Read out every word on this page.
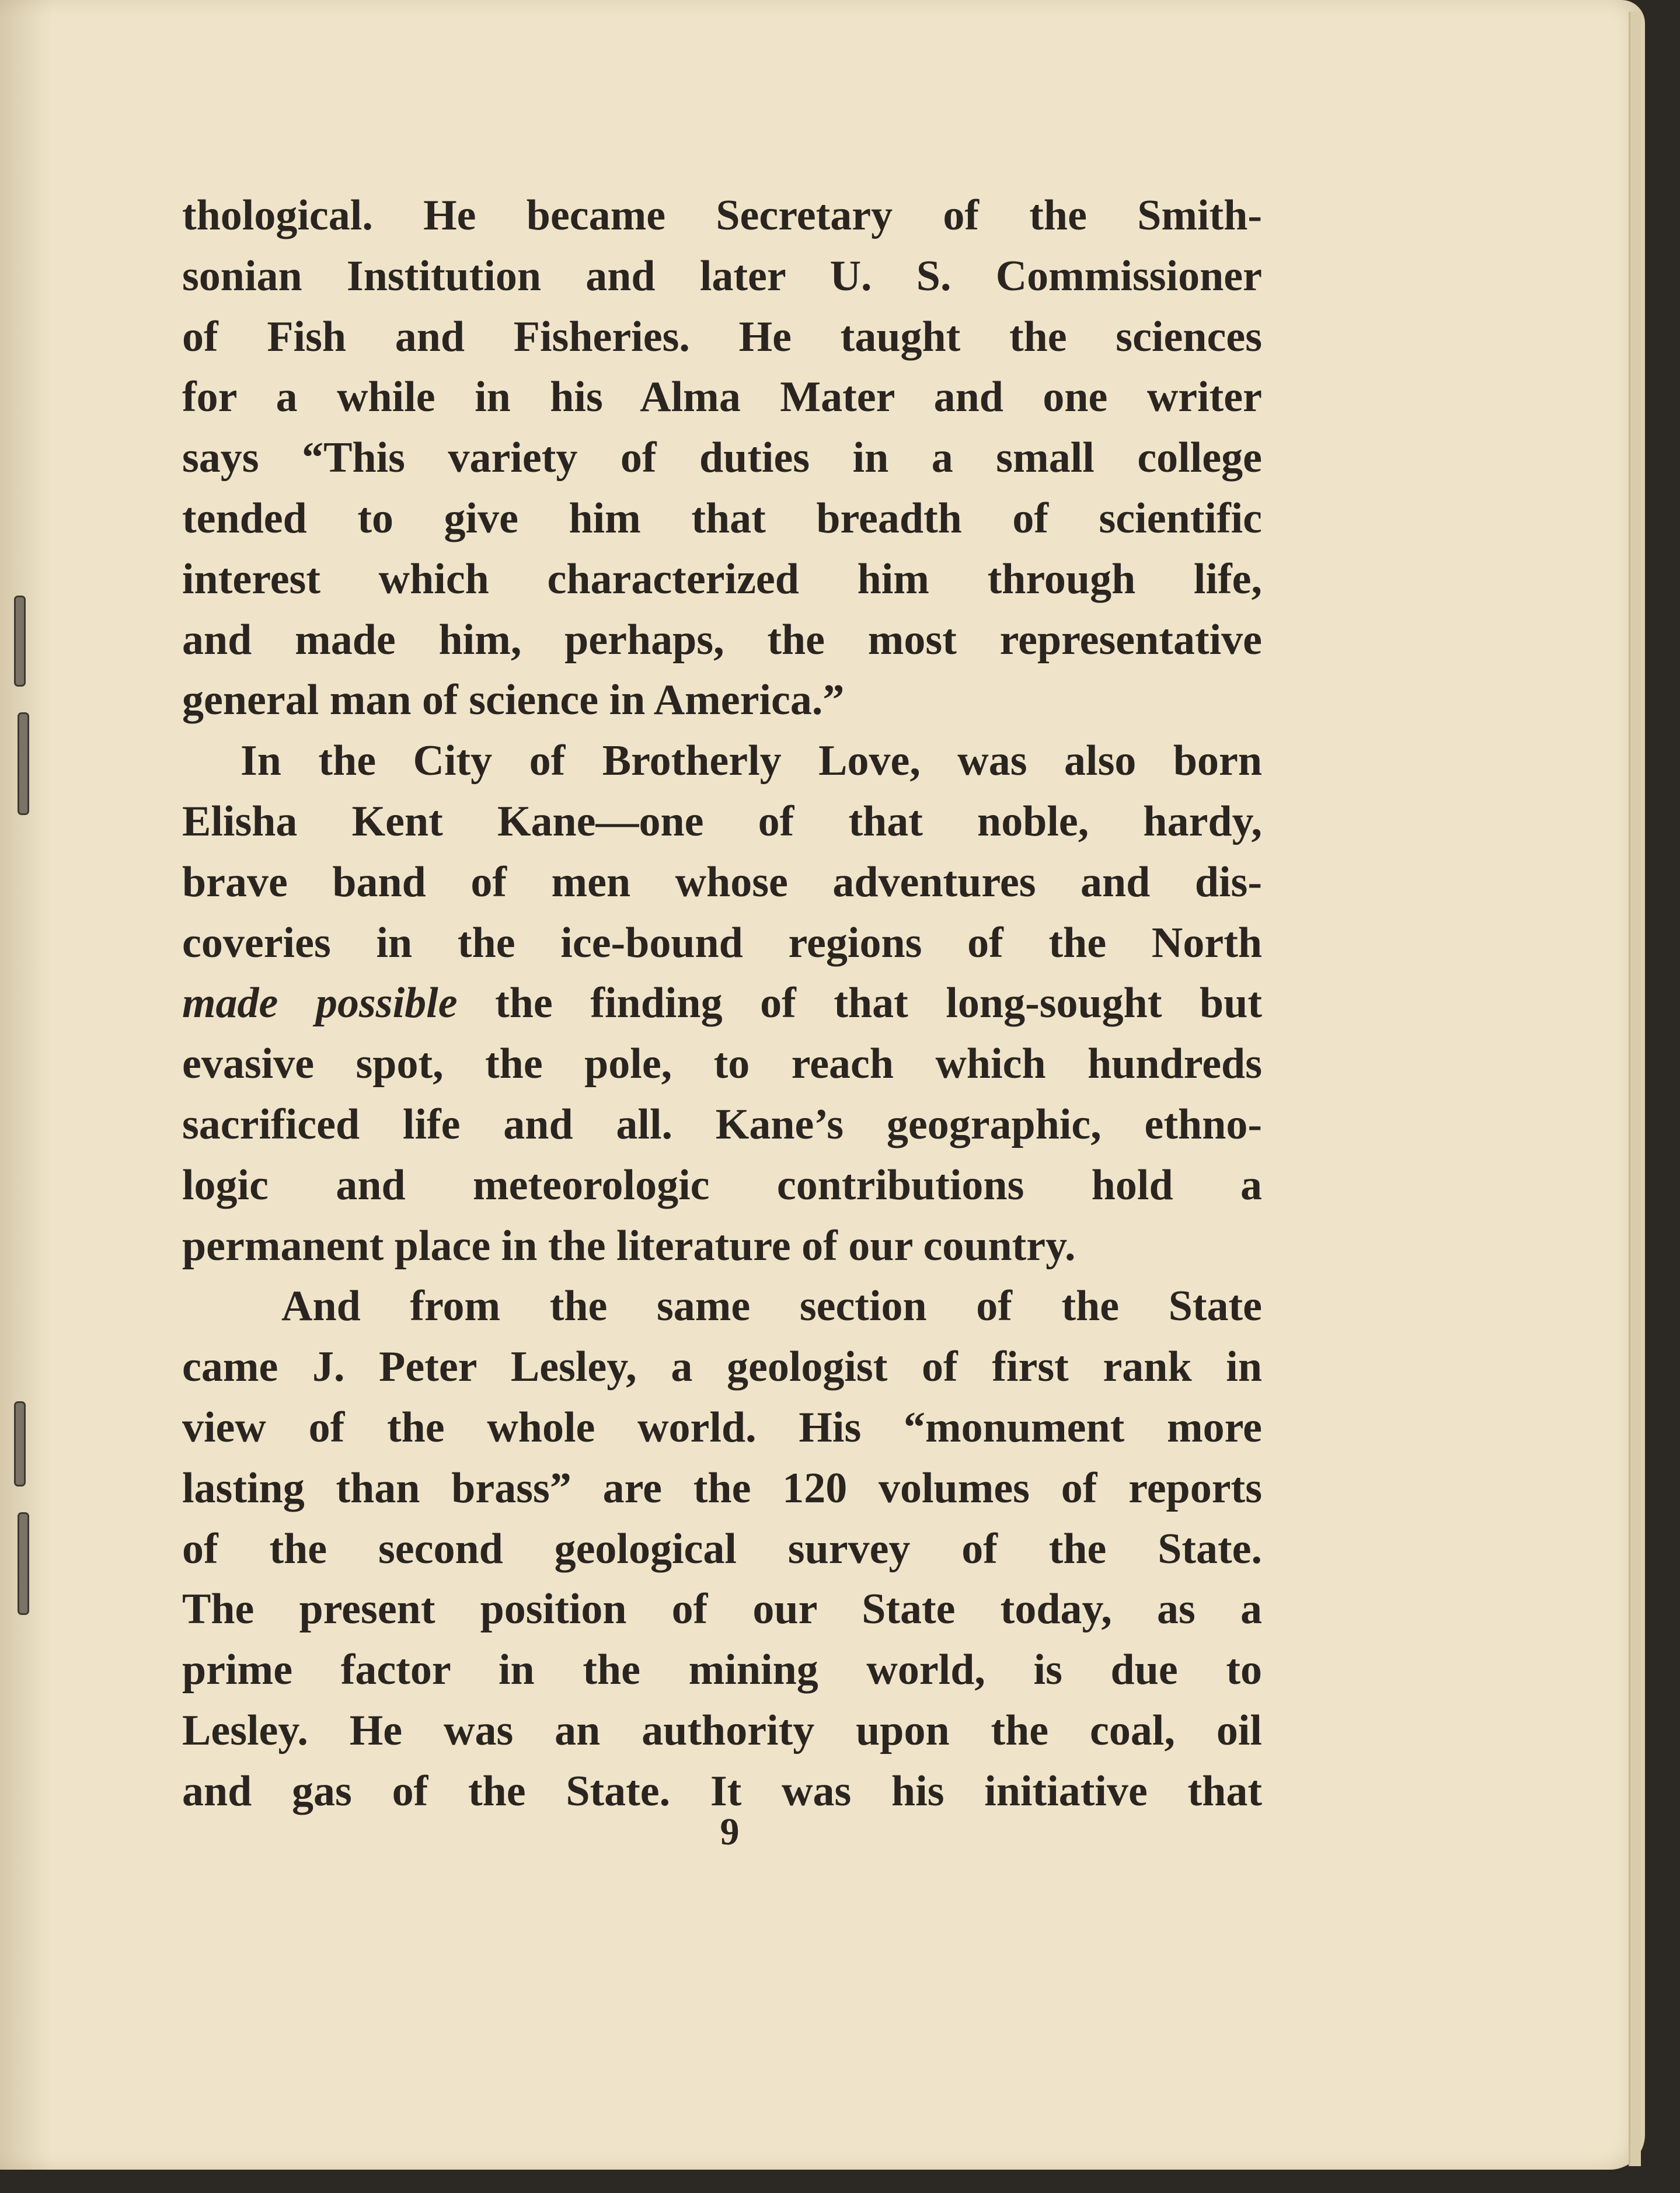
thological. He became Secretary of the Smith-
sonian Institution and later U. S. Commissioner
of Fish and Fisheries. He taught the sciences
for a while in his Alma Mater and one writer
says “This variety of duties in a small college
tended to give him that breadth of scientific
interest which characterized him through life,
and made him, perhaps, the most representative
general man of science in America.”
In the City of Brotherly Love, was also born
Elisha Kent Kane—one of that noble, hardy,
brave band of men whose adventures and dis-
coveries in the ice-bound regions of the North
made possible the finding of that long-sought but
evasive spot, the pole, to reach which hundreds
sacrificed life and all. Kane’s geographic, ethno-
logic and meteorologic contributions hold a
permanent place in the literature of our country.
And from the same section of the State
came J. Peter Lesley, a geologist of first rank in
view of the whole world. His “monument more
lasting than brass” are the 120 volumes of reports
of the second geological survey of the State.
The present position of our State today, as a
prime factor in the mining world, is due to
Lesley. He was an authority upon the coal, oil
and gas of the State. It was his initiative that
9
